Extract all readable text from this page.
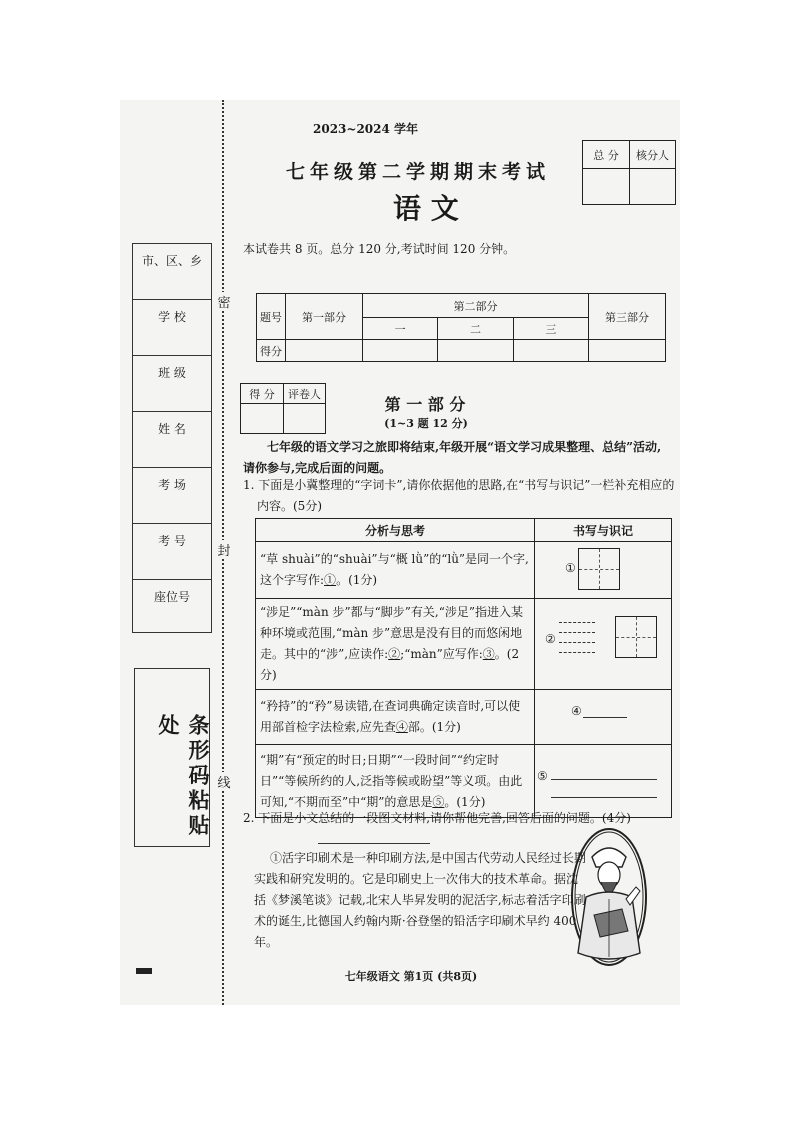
密
封
线
市、区、乡
学 校
班 级
姓 名
考 场
考 号
座位号
条形码粘贴处
2023~2024 学年
七年级第二学期期末考试
语 文
本试卷共 8 页。总分 120 分,考试时间 120 分钟。
总 分	核分人

题号	第一部分	第二部分			第三部分
		一	二	三	
得分					
得 分	评卷人

第 一 部 分
(1~3 题 12 分)
七年级的语文学习之旅即将结束,年级开展“语文学习成果整理、总结”活动,请你参与,完成后面的问题。
1. 下面是小冀整理的“字词卡”,请你依据他的思路,在“书写与识记”一栏补充相应的内容。(5分)
分析与思考	书写与识记
“草 shuài”的“shuài”与“概 lǜ”的“lǜ”是同一个字,这个字写作:①。(1分)	①

“涉足”“màn 步”都与“脚步”有关,“涉足”指进入某种环境或范围,“màn 步”意思是没有目的而悠闲地走。其中的“涉”,应读作:②;“màn”应写作:③。(2分)	②

“矜持”的“矜”易读错,在查词典确定读音时,可以使用部首检字法检索,应先查④部。(1分)	④

“期”有“预定的时日;日期”“一段时间”“约定时日”“等候所约的人,泛指等候或盼望”等义项。由此可知,“不期而至”中“期”的意思是⑤。(1分)	⑤
2. 下面是小文总结的一段图文材料,请你帮他完善,回答后面的问题。(4分)
①活字印刷术是一种印刷方法,是中国古代劳动人民经过长期实践和研究发明的。它是印刷史上一次伟大的技术革命。据沈括《梦溪笔谈》记载,北宋人毕昇发明的泥活字,标志着活字印刷术的诞生,比德国人约翰内斯·谷登堡的铅活字印刷术早约 400 年。
七年级语文 第1页 (共8页)
